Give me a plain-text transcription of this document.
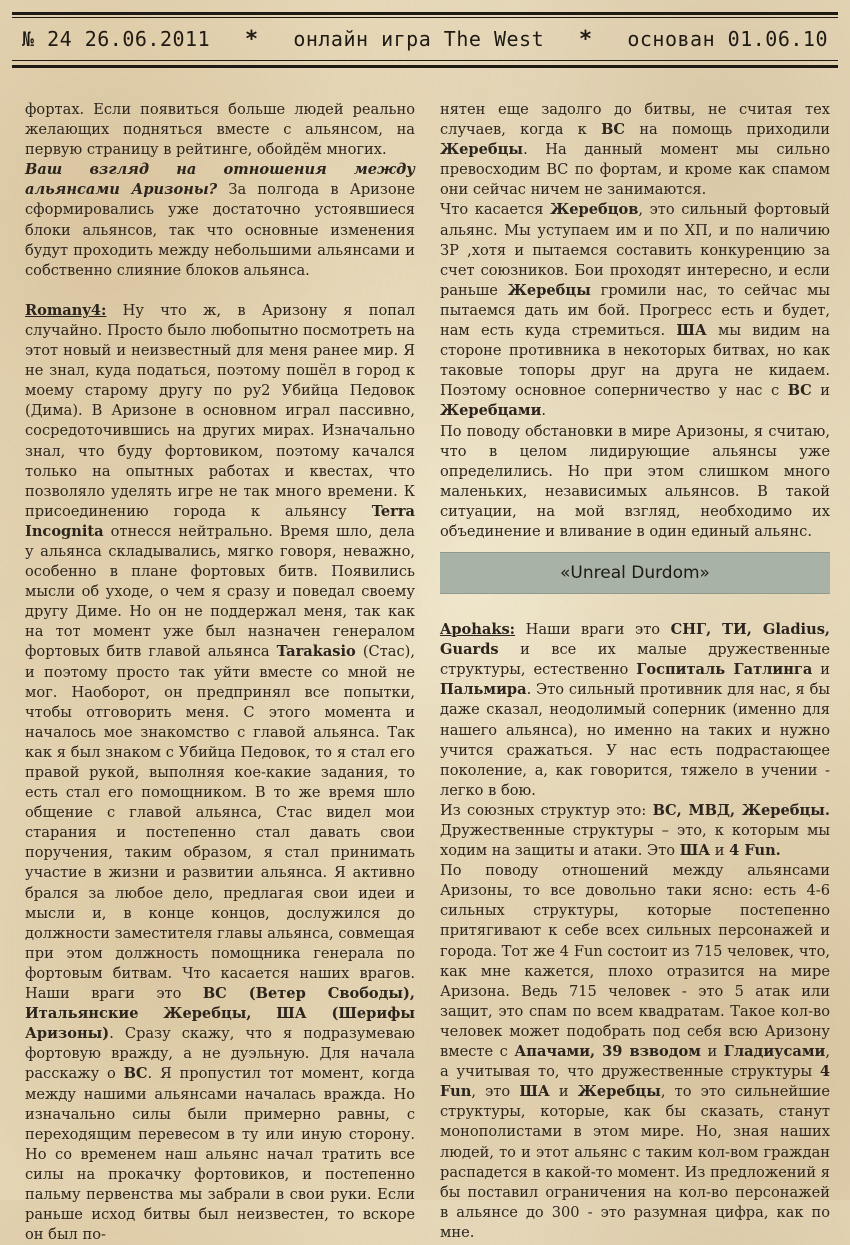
№ 24 26.06.2011 * онлайн игра The West * основан 01.06.10

фортах. Если появиться больше людей реально желающих подняться вместе с альянсом, на первую страницу в рейтинге, обойдём многих.

Ваш взгляд на отношения между альянсами Аризоны? За полгода в Аризоне сформировались уже достаточно устоявшиеся блоки альянсов, так что основные изменения будут проходить между небольшими альянсами и собственно слияние блоков альянса.

Romany4: Ну что ж, в Аризону я попал случайно. Просто было любопытно посмотреть на этот новый и неизвестный для меня ранее мир. Я не знал, куда податься, поэтому пошёл в город к моему старому другу по ру2 Убийца Педовок (Дима). В Аризоне в основном играл пассивно, сосредоточившись на других мирах. Изначально знал, что буду фортовиком, поэтому качался только на опытных работах и квестах, что позволяло уделять игре не так много времени. К присоединению города к альянсу Terra Incognita отнесся нейтрально. Время шло, дела у альянса складывались, мягко говоря, неважно, особенно в плане фортовых битв. Появились мысли об уходе, о чем я сразу и поведал своему другу Диме. Но он не поддержал меня, так как на тот момент уже был назначен генералом фортовых битв главой альянса Tarakasio (Стас), и поэтому просто так уйти вместе со мной не мог. Наоборот, он предпринял все попытки, чтобы отговорить меня. С этого момента и началось мое знакомство с главой альянса. Так как я был знаком с Убийца Педовок, то я стал его правой рукой, выполняя кое-какие задания, то есть стал его помощником. В то же время шло общение с главой альянса, Стас видел мои старания и постепенно стал давать свои поручения, таким образом, я стал принимать участие в жизни и развитии альянса. Я активно брался за любое дело, предлагая свои идеи и мысли и, в конце концов, дослужился до должности заместителя главы альянса, совмещая при этом должность помощника генерала по фортовым битвам. Что касается наших врагов. Наши враги это ВС (Ветер Свободы), Итальянские Жеребцы, ША (Шерифы Аризоны). Сразу скажу, что я подразумеваю фортовую вражду, а не дуэльную. Для начала расскажу о ВС. Я пропустил тот момент, когда между нашими альянсами началась вражда. Но изначально силы были примерно равны, с переходящим перевесом в ту или иную сторону. Но со временем наш альянс начал тратить все силы на прокачку фортовиков, и постепенно пальму первенства мы забрали в свои руки. Если раньше исход битвы был неизвестен, то вскоре он был по-

нятен еще задолго до битвы, не считая тех случаев, когда к ВС на помощь приходили Жеребцы. На данный момент мы сильно превосходим ВС по фортам, и кроме как спамом они сейчас ничем не занимаются.

Что касается Жеребцов, это сильный фортовый альянс. Мы уступаем им и по ХП, и по наличию ЗР ,хотя и пытаемся составить конкуренцию за счет союзников. Бои проходят интересно, и если раньше Жеребцы громили нас, то сейчас мы пытаемся дать им бой. Прогресс есть и будет, нам есть куда стремиться. ША мы видим на стороне противника в некоторых битвах, но как таковые топоры друг на друга не кидаем. Поэтому основное соперничество у нас с ВС и Жеребцами.

По поводу обстановки в мире Аризоны, я считаю, что в целом лидирующие альянсы уже определились. Но при этом слишком много маленьких, независимых альянсов. В такой ситуации, на мой взгляд, необходимо их объединение и вливание в один единый альянс.

«Unreal Durdom»

Apohaks: Наши враги это СНГ, ТИ, Gladius, Guards и все их малые дружественные структуры, естественно Госпиталь Гатлинга и Пальмира. Это сильный противник для нас, я бы даже сказал, неодолимый соперник (именно для нашего альянса), но именно на таких и нужно учится сражаться. У нас есть подрастающее поколение, а, как говорится, тяжело в учении - легко в бою.

Из союзных структур это: ВС, МВД, Жеребцы. Дружественные структуры – это, к которым мы ходим на защиты и атаки. Это ША и 4 Fun.

По поводу отношений между альянсами Аризоны, то все довольно таки ясно: есть 4-6 сильных структуры, которые постепенно притягивают к себе всех сильных персонажей и города. Тот же 4 Fun состоит из 715 человек, что, как мне кажется, плохо отразится на мире Аризона. Ведь 715 человек - это 5 атак или защит, это спам по всем квадратам. Такое кол-во человек может подобрать под себя всю Аризону вместе с Апачами, 39 взводом и Гладиусами, а учитывая то, что дружественные структуры 4 Fun, это ША и Жеребцы, то это сильнейшие структуры, которые, как бы сказать, станут монополистами в этом мире. Но, зная наших людей, то и этот альянс с таким кол-вом граждан распадется в какой-то момент. Из предложений я бы поставил ограничения на кол-во персонажей в альянсе до 300 - это разумная цифра, как по мне.
